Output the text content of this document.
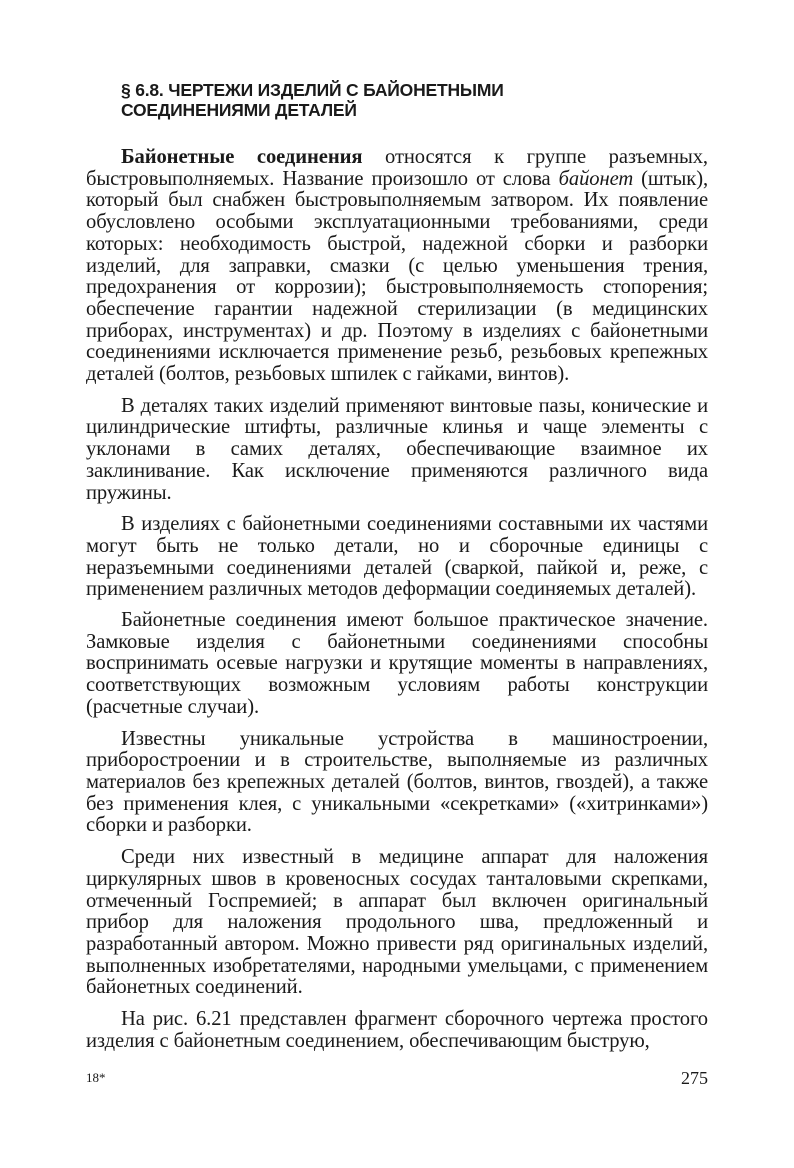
§ 6.8. ЧЕРТЕЖИ ИЗДЕЛИЙ С БАЙОНЕТНЫМИ
СОЕДИНЕНИЯМИ ДЕТАЛЕЙ

Байонетные соединения относятся к группе разъемных, быстровыполняемых. Название произошло от слова байонет (штык), который был снабжен быстровыполняемым затвором. Их появление обусловлено особыми эксплуатационными требованиями, среди которых: необходимость быстрой, надежной сборки и разборки изделий, для заправки, смазки (с целью уменьшения трения, предохранения от коррозии); быстровыполняемость стопорения; обеспечение гарантии надежной стерилизации (в медицинских приборах, инструментах) и др. Поэтому в изделиях с байонетными соединениями исключается применение резьб, резьбовых крепежных деталей (болтов, резьбовых шпилек с гайками, винтов).

В деталях таких изделий применяют винтовые пазы, конические и цилиндрические штифты, различные клинья и чаще элементы с уклонами в самих деталях, обеспечивающие взаимное их заклинивание. Как исключение применяются различного вида пружины.

В изделиях с байонетными соединениями составными их частями могут быть не только детали, но и сборочные единицы с неразъемными соединениями деталей (сваркой, пайкой и, реже, с применением различных методов деформации соединяемых деталей).

Байонетные соединения имеют большое практическое значение. Замковые изделия с байонетными соединениями способны воспринимать осевые нагрузки и крутящие моменты в направлениях, соответствующих возможным условиям работы конструкции (расчетные случаи).

Известны уникальные устройства в машиностроении, приборостроении и в строительстве, выполняемые из различных материалов без крепежных деталей (болтов, винтов, гвоздей), а также без применения клея, с уникальными «секретками» («хитринками») сборки и разборки.

Среди них известный в медицине аппарат для наложения циркулярных швов в кровеносных сосудах танталовыми скрепками, отмеченный Госпремией; в аппарат был включен оригинальный прибор для наложения продольного шва, предложенный и разработанный автором. Можно привести ряд оригинальных изделий, выполненных изобретателями, народными умельцами, с применением байонетных соединений.

На рис. 6.21 представлен фрагмент сборочного чертежа простого изделия с байонетным соединением, обеспечивающим быструю,

18*	275
